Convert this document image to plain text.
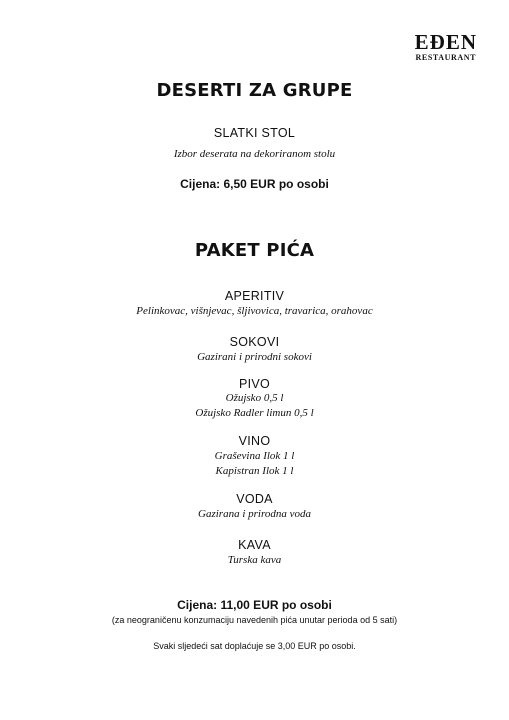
EĐEN
RESTAURANT
DESERTI ZA GRUPE
SLATKI STOL
Izbor deserata na dekoriranom stolu
Cijena: 6,50 EUR po osobi
PAKET PIĆA
APERITIV
Pelinkovac, višnjevac, šljivovica, travarica, orahovac
SOKOVI
Gazirani i prirodni sokovi
PIVO
Ožujsko 0,5 l
Ožujsko Radler limun 0,5 l
VINO
Graševina Ilok 1 l
Kapistran Ilok 1 l
VODA
Gazirana i prirodna voda
KAVA
Turska kava
Cijena: 11,00 EUR po osobi
(za neograničenu konzumaciju navedenih pića unutar perioda od 5 sati)
Svaki sljedeći sat doplaćuje se 3,00 EUR po osobi.
